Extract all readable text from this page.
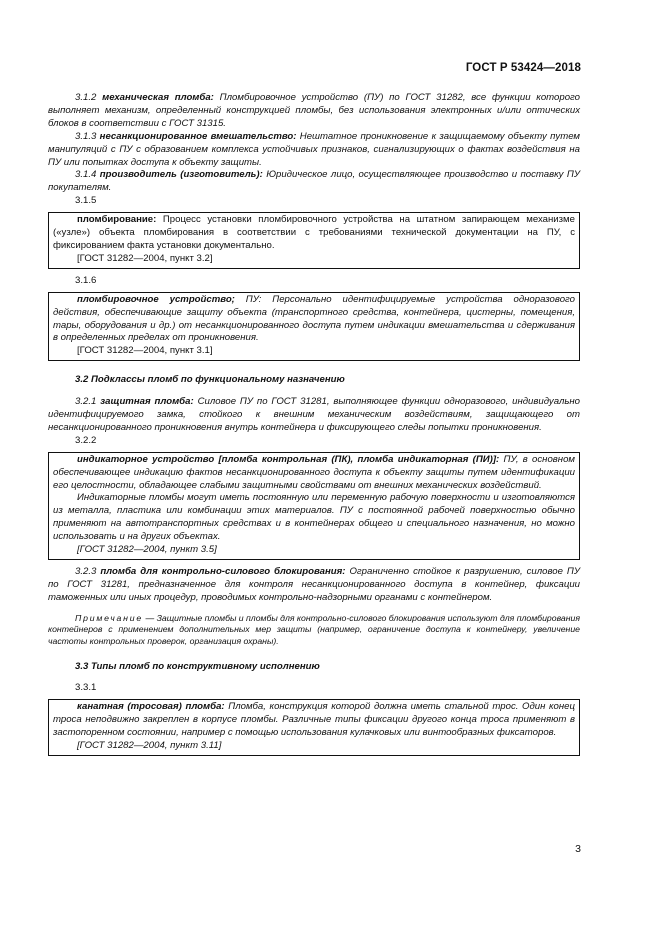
ГОСТ Р 53424—2018

3.1.2 механическая пломба: Пломбировочное устройство (ПУ) по ГОСТ 31282, все функции которого выполняет механизм, определенный конструкцией пломбы, без использования электронных и/или оптических блоков в соответствии с ГОСТ 31315.

3.1.3 несанкционированное вмешательство: Нештатное проникновение к защищаемому объекту путем манипуляций с ПУ с образованием комплекса устойчивых признаков, сигнализирующих о фактах воздействия на ПУ или попытках доступа к объекту защиты.

3.1.4 производитель (изготовитель): Юридическое лицо, осуществляющее производство и поставку ПУ покупателям.

3.1.5

пломбирование: Процесс установки пломбировочного устройства на штатном запирающем механизме («узле») объекта пломбирования в соответствии с требованиями технической документации на ПУ, с фиксированием факта установки документально.

[ГОСТ 31282—2004, пункт 3.2]

3.1.6

пломбировочное устройство; ПУ: Персонально идентифицируемые устройства одноразового действия, обеспечивающие защиту объекта (транспортного средства, контейнера, цистерны, помещения, тары, оборудования и др.) от несанкционированного доступа путем индикации вмешательства и сдерживания в определенных пределах от проникновения.

[ГОСТ 31282—2004, пункт 3.1]

3.2 Подклассы пломб по функциональному назначению

3.2.1 защитная пломба: Силовое ПУ по ГОСТ 31281, выполняющее функции одноразового, индивидуально идентифицируемого замка, стойкого к внешним механическим воздействиям, защищающего от несанкционированного проникновения внутрь контейнера и фиксирующего следы попытки проникновения.

3.2.2

индикаторное устройство [пломба контрольная (ПК), пломба индикаторная (ПИ)]: ПУ, в основном обеспечивающее индикацию фактов несанкционированного доступа к объекту защиты путем идентификации его целостности, обладающее слабыми защитными свойствами от внешних механических воздействий.

Индикаторные пломбы могут иметь постоянную или переменную рабочую поверхности и изготовляются из металла, пластика или комбинации этих материалов. ПУ с постоянной рабочей поверхностью обычно применяют на автотранспортных средствах и в контейнерах общего и специального назначения, но можно использовать и на других объектах.

[ГОСТ 31282—2004, пункт 3.5]

3.2.3 пломба для контрольно-силового блокирования: Ограниченно стойкое к разрушению, силовое ПУ по ГОСТ 31281, предназначенное для контроля несанкционированного доступа в контейнер, фиксации таможенных или иных процедур, проводимых контрольно-надзорными органами с контейнером.

Примечание — Защитные пломбы и пломбы для контрольно-силового блокирования используют для пломбирования контейнеров с применением дополнительных мер защиты (например, ограничение доступа к контейнеру, увеличение частоты контрольных проверок, организация охраны).

3.3 Типы пломб по конструктивному исполнению

3.3.1

канатная (тросовая) пломба: Пломба, конструкция которой должна иметь стальной трос. Один конец троса неподвижно закреплен в корпусе пломбы. Различные типы фиксации другого конца троса применяют в застопоренном состоянии, например с помощью использования кулачковых или винтообразных фиксаторов.

[ГОСТ 31282—2004, пункт 3.11]

3
